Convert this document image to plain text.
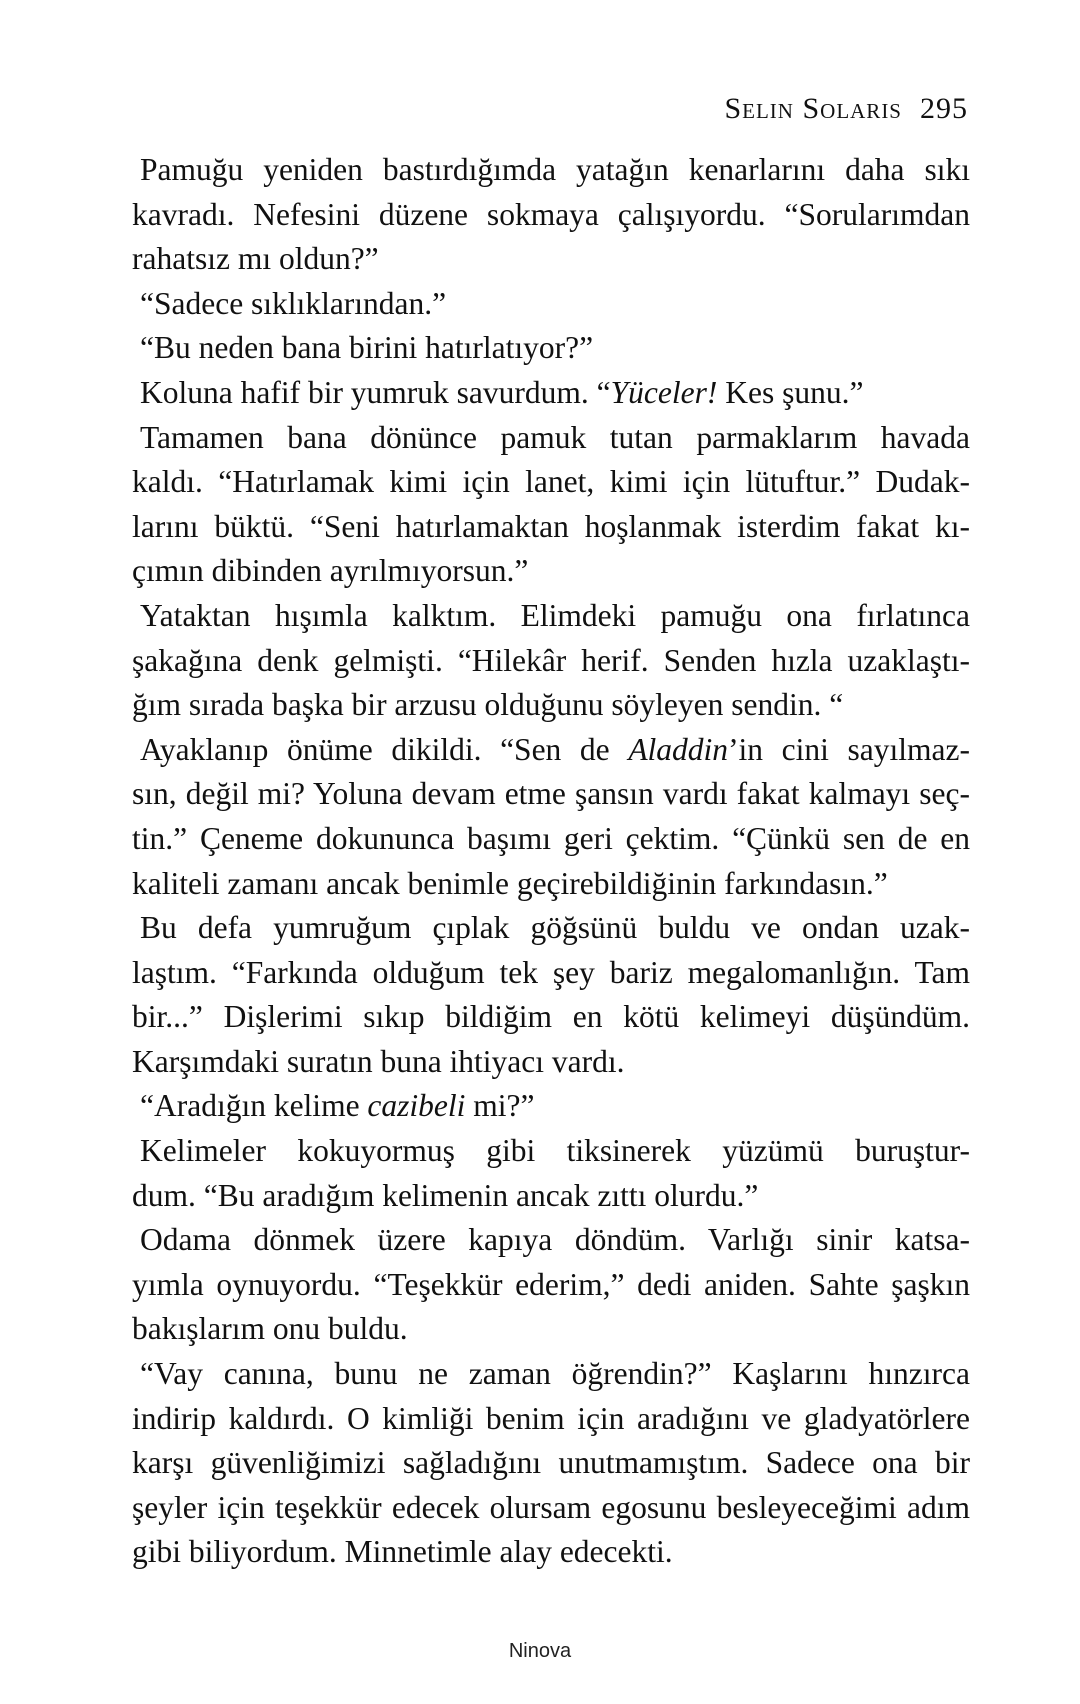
Selin Solaris 295
Pamuğu yeniden bastırdığımda yatağın kenarlarını daha sıkı
kavradı. Nefesini düzene sokmaya çalışıyordu. “Sorularımdan
rahatsız mı oldun?”
“Sadece sıklıklarından.”
“Bu neden bana birini hatırlatıyor?”
Koluna hafif bir yumruk savurdum. “Yüceler! Kes şunu.”
Tamamen bana dönünce pamuk tutan parmaklarım havada
kaldı. “Hatırlamak kimi için lanet, kimi için lütuftur.” Dudak-
larını büktü. “Seni hatırlamaktan hoşlanmak isterdim fakat kı-
çımın dibinden ayrılmıyorsun.”
Yataktan hışımla kalktım. Elimdeki pamuğu ona fırlatınca
şakağına denk gelmişti. “Hilekâr herif. Senden hızla uzaklaştı-
ğım sırada başka bir arzusu olduğunu söyleyen sendin. “
Ayaklanıp önüme dikildi. “Sen de Aladdin’in cini sayılmaz-
sın, değil mi? Yoluna devam etme şansın vardı fakat kalmayı seç-
tin.” Çeneme dokununca başımı geri çektim. “Çünkü sen de en
kaliteli zamanı ancak benimle geçirebildiğinin farkındasın.”
Bu defa yumruğum çıplak göğsünü buldu ve ondan uzak-
laştım. “Farkında olduğum tek şey bariz megalomanlığın. Tam
bir...” Dişlerimi sıkıp bildiğim en kötü kelimeyi düşündüm.
Karşımdaki suratın buna ihtiyacı vardı.
“Aradığın kelime cazibeli mi?”
Kelimeler kokuyormuş gibi tiksinerek yüzümü buruştur-
dum. “Bu aradığım kelimenin ancak zıttı olurdu.”
Odama dönmek üzere kapıya döndüm. Varlığı sinir katsa-
yımla oynuyordu. “Teşekkür ederim,” dedi aniden. Sahte şaşkın
bakışlarım onu buldu.
“Vay canına, bunu ne zaman öğrendin?” Kaşlarını hınzırca
indirip kaldırdı. O kimliği benim için aradığını ve gladyatörlere
karşı güvenliğimizi sağladığını unutmamıştım. Sadece ona bir
şeyler için teşekkür edecek olursam egosunu besleyeceğimi adım
gibi biliyordum. Minnetimle alay edecekti.
Ninova
